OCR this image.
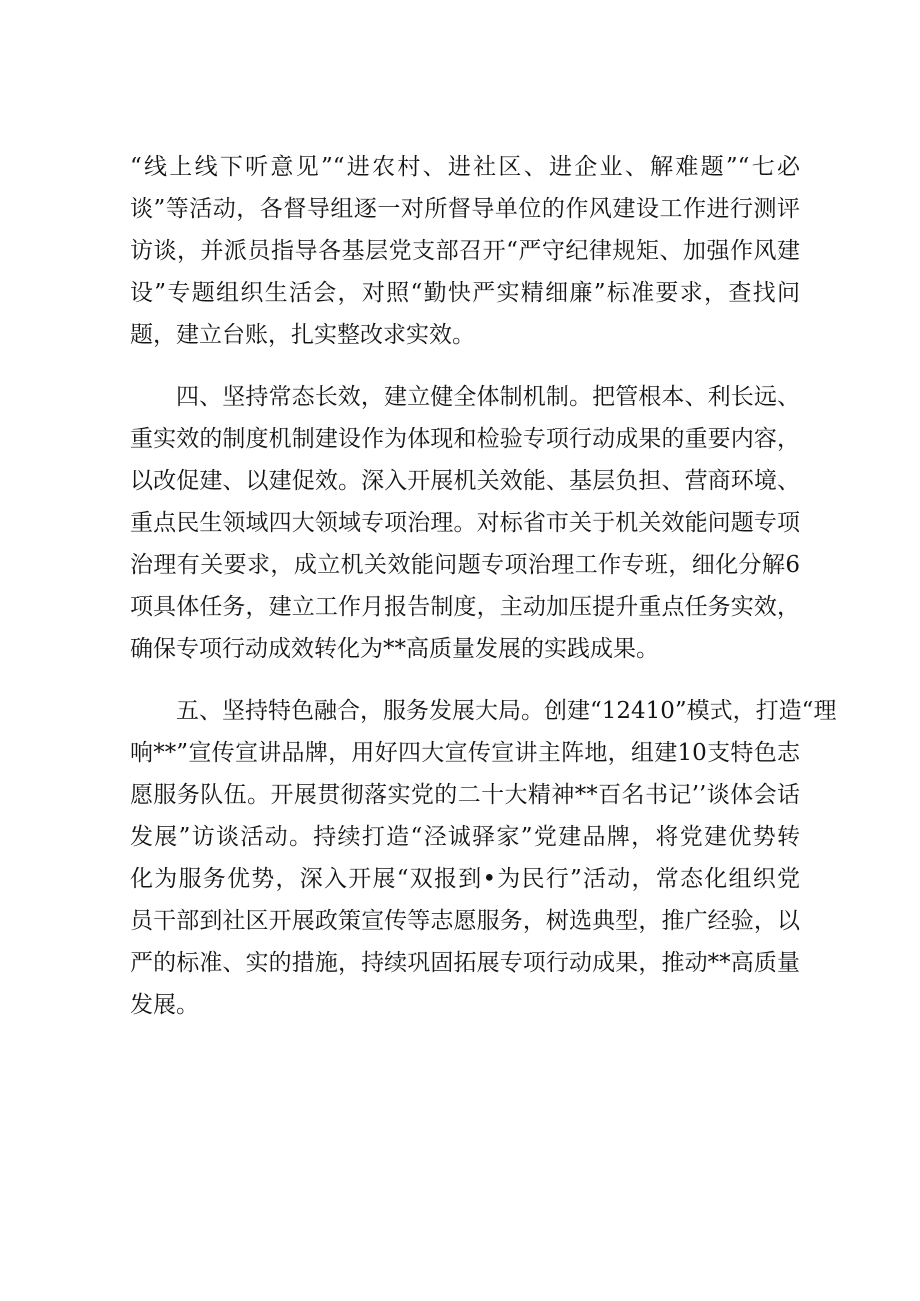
“线上线下听意见”“进农村、进社区、进企业、解难题”“七必
谈”等活动，各督导组逐一对所督导单位的作风建设工作进行测评
访谈，并派员指导各基层党支部召开“严守纪律规矩、加强作风建
设”专题组织生活会，对照“勤快严实精细廉”标准要求，查找问
题，建立台账，扎实整改求实效。
四、坚持常态长效，建立健全体制机制。把管根本、利长远、
重实效的制度机制建设作为体现和检验专项行动成果的重要内容，
以改促建、以建促效。深入开展机关效能、基层负担、营商环境、
重点民生领域四大领域专项治理。对标省市关于机关效能问题专项
治理有关要求，成立机关效能问题专项治理工作专班，细化分解6
项具体任务，建立工作月报告制度，主动加压提升重点任务实效，
确保专项行动成效转化为**高质量发展的实践成果。
五、坚持特色融合，服务发展大局。创建“12410”模式，打造“理
响**”宣传宣讲品牌，用好四大宣传宣讲主阵地，组建10支特色志
愿服务队伍。开展贯彻落实党的二十大精神**百名书记’’谈体会话
发展”访谈活动。持续打造“泾诚驿家”党建品牌，将党建优势转
化为服务优势，深入开展“双报到•为民行”活动，常态化组织党
员干部到社区开展政策宣传等志愿服务，树选典型，推广经验，以
严的标准、实的措施，持续巩固拓展专项行动成果，推动**高质量
发展。
